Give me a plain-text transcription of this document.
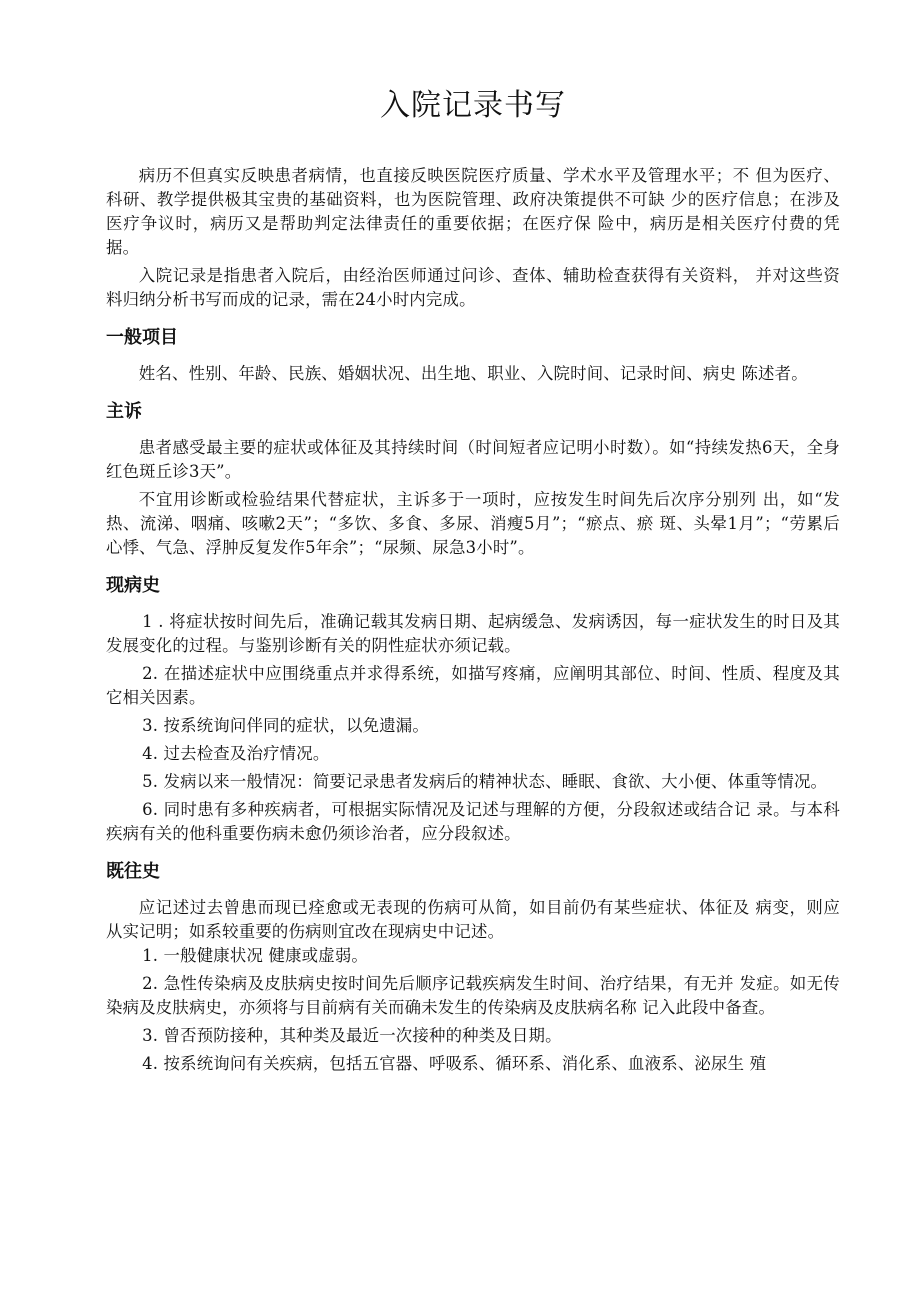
入院记录书写

病历不但真实反映患者病情，也直接反映医院医疗质量、学术水平及管理水平；不 但为医疗、科研、教学提供极其宝贵的基础资料，也为医院管理、政府决策提供不可缺 少的医疗信息；在涉及医疗争议时，病历又是帮助判定法律责任的重要依据；在医疗保 险中，病历是相关医疗付费的凭据。

入院记录是指患者入院后，由经治医师通过问诊、查体、辅助检查获得有关资料， 并对这些资料归纳分析书写而成的记录，需在24小时内完成。

一般项目

姓名、性别、年龄、民族、婚姻状况、出生地、职业、入院时间、记录时间、病史 陈述者。

主诉

患者感受最主要的症状或体征及其持续时间（时间短者应记明小时数）。如“持续发热6天，全身红色斑丘诊3天”。

不宜用诊断或检验结果代替症状，主诉多于一项时，应按发生时间先后次序分别列 出，如“发热、流涕、咽痛、咳嗽2天”；“多饮、多食、多尿、消瘦5月”；“瘀点、瘀 斑、头晕1月”；“劳累后心悸、气急、浮肿反复发作5年余”；“尿频、尿急3小时”。

现病史

1 . 将症状按时间先后，准确记载其发病日期、起病缓急、发病诱因，每一症状发生的时日及其发展变化的过程。与鉴别诊断有关的阴性症状亦须记载。

2. 在描述症状中应围绕重点并求得系统，如描写疼痛，应阐明其部位、时间、性质、程度及其它相关因素。

3. 按系统询问伴同的症状，以免遗漏。

4. 过去检查及治疗情况。

5. 发病以来一般情况：简要记录患者发病后的精神状态、睡眠、食欲、大小便、体重等情况。

6. 同时患有多种疾病者，可根据实际情况及记述与理解的方便，分段叙述或结合记 录。与本科疾病有关的他科重要伤病未愈仍须诊治者，应分段叙述。

既往史

应记述过去曾患而现已痊愈或无表现的伤病可从简，如目前仍有某些症状、体征及 病变，则应从实记明；如系较重要的伤病则宜改在现病史中记述。

1. 一般健康状况 健康或虚弱。

2. 急性传染病及皮肤病史按时间先后顺序记载疾病发生时间、治疗结果，有无并 发症。如无传染病及皮肤病史，亦须将与目前病有关而确未发生的传染病及皮肤病名称 记入此段中备查。

3. 曾否预防接种，其种类及最近一次接种的种类及日期。

4. 按系统询问有关疾病，包括五官器、呼吸系、循环系、消化系、血液系、泌尿生 殖
